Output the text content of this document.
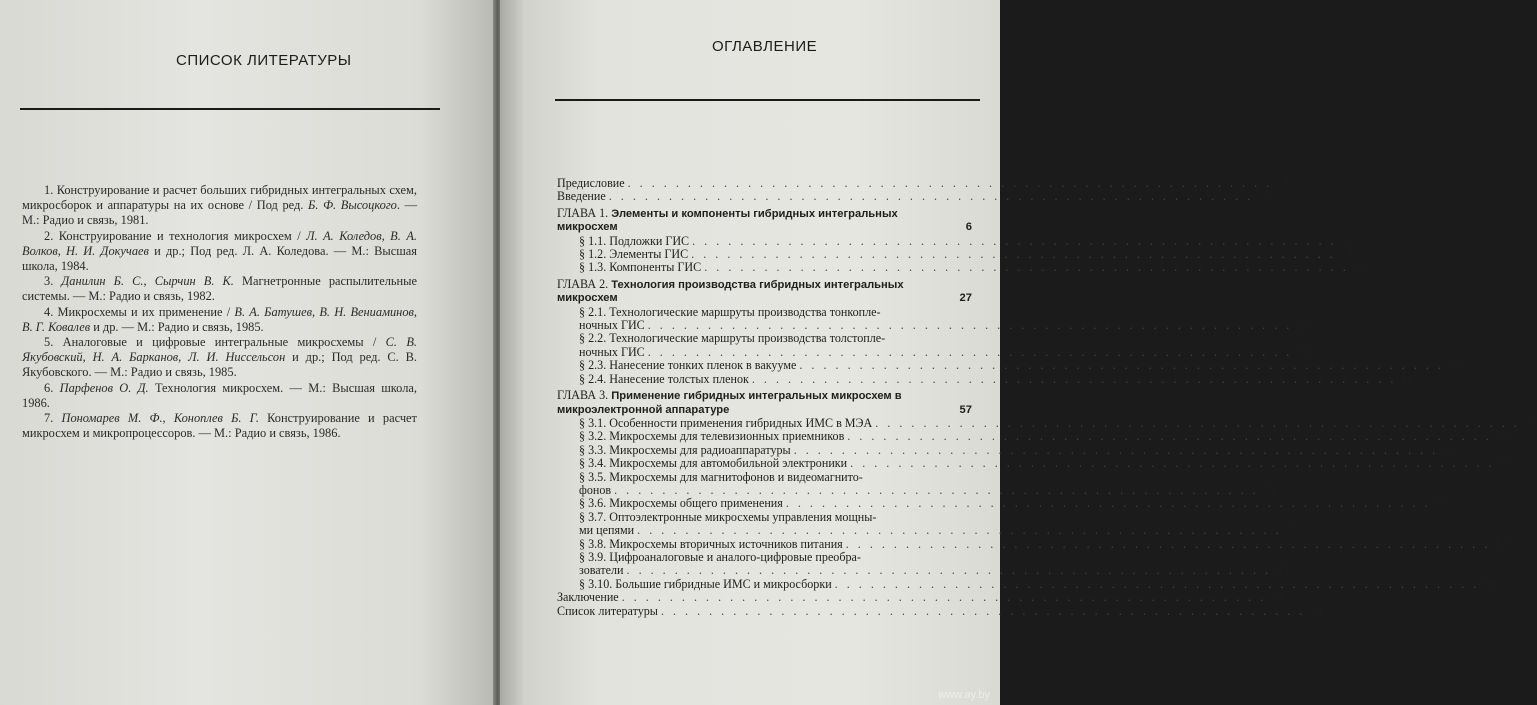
СПИСОК ЛИТЕРАТУРЫ

1. Конструирование и расчет больших гибридных интегральных схем, микросборок и аппаратуры на их основе / Под ред. Б. Ф. Высоцкого. — М.: Радио и связь, 1981.

2. Конструирование и технология микросхем / Л. А. Коледов, В. А. Волков, Н. И. Докучаев и др.; Под ред. Л. А. Коледова. — М.: Высшая школа, 1984.

3. Данилин Б. С., Сырчин В. К. Магнетронные распылительные системы. — М.: Радио и связь, 1982.

4. Микросхемы и их применение / В. А. Батушев, В. Н. Вениаминов, В. Г. Ковалев и др. — М.: Радио и связь, 1985.

5. Аналоговые и цифровые интегральные микросхемы / С. В. Якубовский, Н. А. Барканов, Л. И. Ниссельсон и др.; Под ред. С. В. Якубовского. — М.: Радио и связь, 1985.

6. Парфенов О. Д. Технология микросхем. — М.: Высшая школа, 1986.

7. Пономарев М. Ф., Коноплев Б. Г. Конструирование и расчет микросхем и микропроцессоров. — М.: Радио и связь, 1986.

ОГЛАВЛЕНИЕ
Предисловие . . .	3
Введение . . .	5
ГЛАВА 1. Элементы и компоненты гибридных интегральных микросхем	6
§ 1.1. Подложки ГИС . . .	6
§ 1.2. Элементы ГИС . . .	8
§ 1.3. Компоненты ГИС . . .	26
ГЛАВА 2. Технология производства гибридных интегральных микросхем	27
§ 2.1. Технологические маршруты производства тонкопле-
ночных ГИС . . .	27
§ 2.2. Технологические маршруты производства толстопле-
ночных ГИС . . .	36
§ 2.3. Нанесение тонких пленок в вакууме . . .	37
§ 2.4. Нанесение толстых пленок . . .	48
ГЛАВА 3. Применение гибридных интегральных микросхем в микроэлектронной аппаратуре	57
§ 3.1. Особенности применения гибридных ИМС в МЭА . . .	57
§ 3.2. Микросхемы для телевизионных приемников . . .	59
§ 3.3. Микросхемы для радиоаппаратуры . . .	64
§ 3.4. Микросхемы для автомобильной электроники . . .	67
§ 3.5. Микросхемы для магнитофонов и видеомагнито-
фонов . . .	71
§ 3.6. Микросхемы общего применения . . .	73
§ 3.7. Оптоэлектронные микросхемы управления мощны-
ми цепями . . .	77
§ 3.8. Микросхемы вторичных источников питания . . .	82
§ 3.9. Цифроаналоговые и аналого-цифровые преобра-
зователи . . .	83
§ 3.10. Большие гибридные ИМС и микросборки . . .	89
Заключение . . .	93
Список литературы . . .	94
www.ay.by
